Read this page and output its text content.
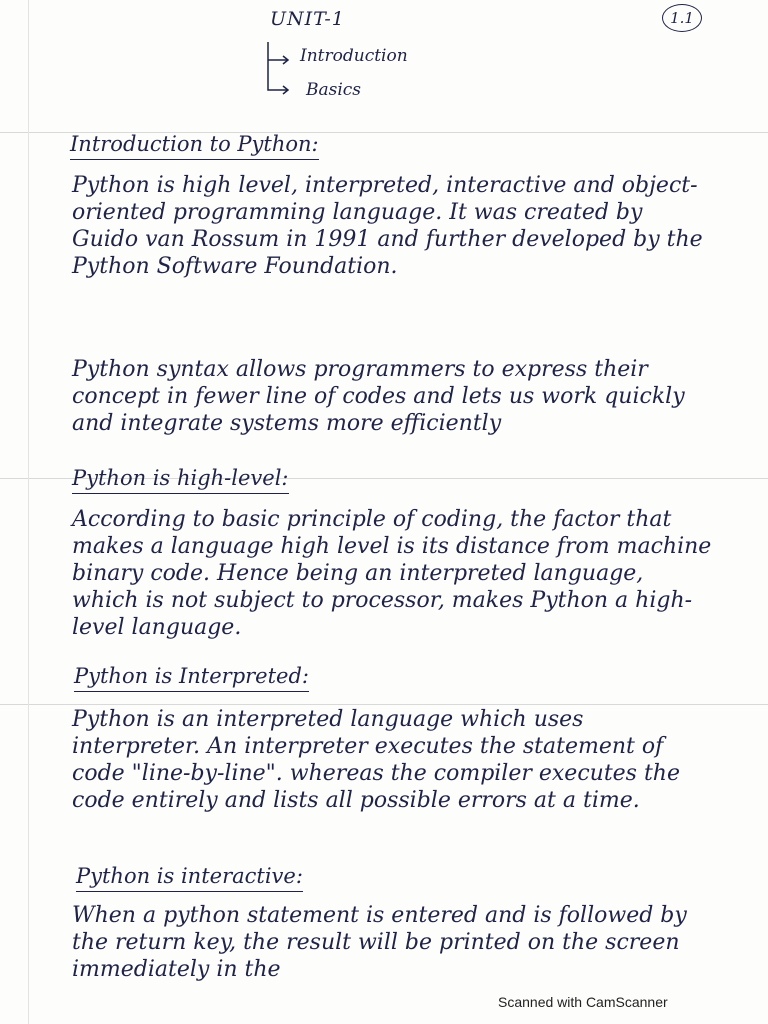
UNIT-1	1.1
Introduction
Basics
Introduction to Python:
Python is high level, interpreted, interactive and object-oriented programming language. It was created by Guido van Rossum in 1991 and further developed by the Python Software Foundation.
Python syntax allows programmers to express their concept in fewer line of codes and lets us work quickly and integrate systems more efficiently
Python is high-level:
According to basic principle of coding, the factor that makes a language high level is its distance from machine binary code. Hence being an interpreted language, which is not subject to processor, makes Python a high-level language.
Python is Interpreted:
Python is an interpreted language which uses interpreter. An interpreter executes the statement of code "line-by-line". whereas the compiler executes the code entirely and lists all possible errors at a time.
Python is interactive:
When a python statement is entered and is followed by the return key, the result will be printed on the screen immediately in the
Scanned with CamScanner
